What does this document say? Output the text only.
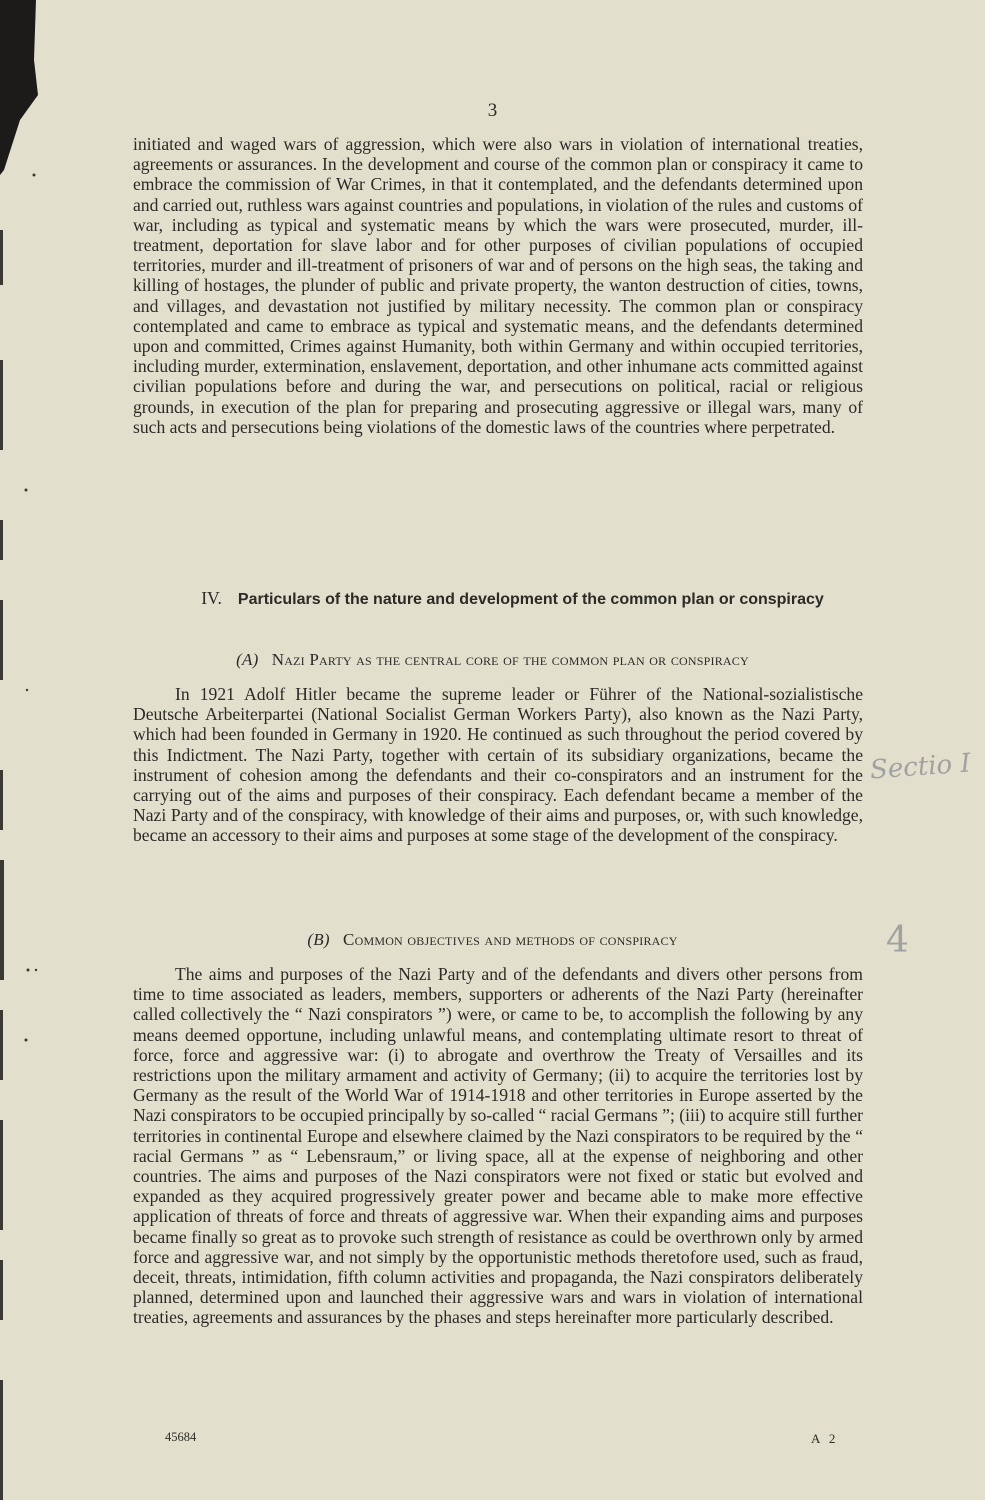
3

initiated and waged wars of aggression, which were also wars in violation of international treaties, agreements or assurances. In the development and course of the common plan or conspiracy it came to embrace the commission of War Crimes, in that it contemplated, and the defendants determined upon and carried out, ruthless wars against countries and populations, in violation of the rules and customs of war, including as typical and systematic means by which the wars were prosecuted, murder, ill-treatment, deportation for slave labor and for other purposes of civilian populations of occupied territories, murder and ill-treatment of prisoners of war and of persons on the high seas, the taking and killing of hostages, the plunder of public and private property, the wanton destruction of cities, towns, and villages, and devastation not justified by military necessity. The common plan or conspiracy contemplated and came to embrace as typical and systematic means, and the defendants determined upon and committed, Crimes against Humanity, both within Germany and within occupied territories, including murder, extermination, enslavement, deportation, and other inhumane acts committed against civilian populations before and during the war, and persecutions on political, racial or religious grounds, in execution of the plan for preparing and prosecuting aggressive or illegal wars, many of such acts and persecutions being violations of the domestic laws of the countries where perpetrated.

IV. Particulars of the nature and development of the common plan or conspiracy
(A) Nazi Party as the central core of the common plan or conspiracy

In 1921 Adolf Hitler became the supreme leader or Führer of the National-sozialistische Deutsche Arbeiterpartei (National Socialist German Workers Party), also known as the Nazi Party, which had been founded in Germany in 1920. He continued as such throughout the period covered by this Indictment. The Nazi Party, together with certain of its subsidiary organizations, became the instrument of cohesion among the defendants and their co-conspirators and an instrument for the carrying out of the aims and purposes of their conspiracy. Each defendant became a member of the Nazi Party and of the conspiracy, with knowledge of their aims and purposes, or, with such knowledge, became an accessory to their aims and purposes at some stage of the development of the conspiracy.

(B) Common objectives and methods of conspiracy

The aims and purposes of the Nazi Party and of the defendants and divers other persons from time to time associated as leaders, members, supporters or adherents of the Nazi Party (hereinafter called collectively the “ Nazi conspirators ”) were, or came to be, to accomplish the following by any means deemed opportune, including unlawful means, and contemplating ultimate resort to threat of force, force and aggressive war: (i) to abrogate and overthrow the Treaty of Versailles and its restrictions upon the military armament and activity of Germany; (ii) to acquire the territories lost by Germany as the result of the World War of 1914-1918 and other territories in Europe asserted by the Nazi conspirators to be occupied principally by so-called “ racial Germans ”; (iii) to acquire still further territories in continental Europe and elsewhere claimed by the Nazi conspirators to be required by the “ racial Germans ” as “ Lebensraum,” or living space, all at the expense of neighboring and other countries. The aims and purposes of the Nazi conspirators were not fixed or static but evolved and expanded as they acquired progressively greater power and became able to make more effective application of threats of force and threats of aggressive war. When their expanding aims and purposes became finally so great as to provoke such strength of resistance as could be overthrown only by armed force and aggressive war, and not simply by the opportunistic methods theretofore used, such as fraud, deceit, threats, intimidation, fifth column activities and propaganda, the Nazi conspirators deliberately planned, determined upon and launched their aggressive wars and wars in violation of international treaties, agreements and assurances by the phases and steps hereinafter more particularly described.

45684	A 2
Sectio I
4
